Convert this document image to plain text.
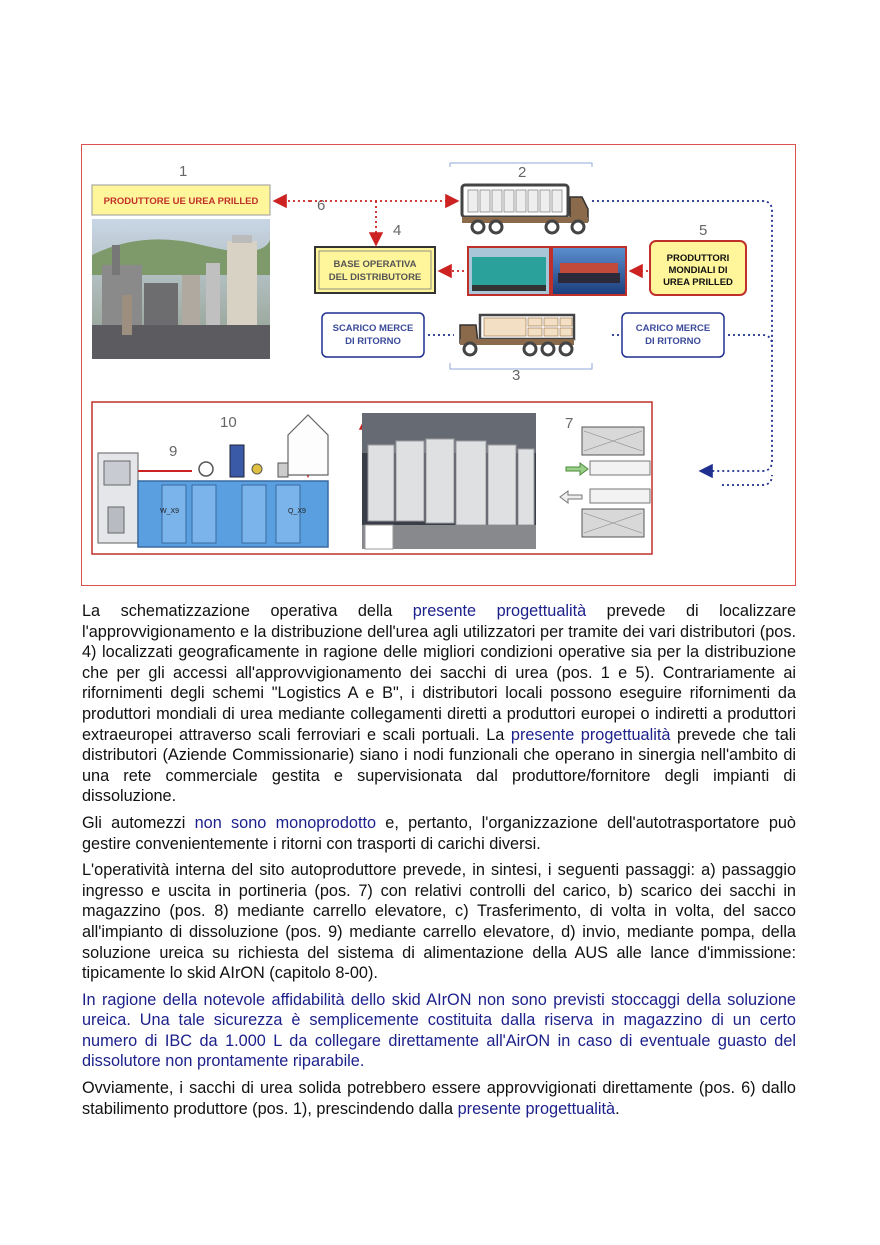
1	2
6
4	5
3
10	7
9
PRODUTTORE UE UREA PRILLED
BASE OPERATIVA
DEL DISTRIBUTORE
PRODUTTORI
MONDIALI DI
UREA PRILLED
SCARICO MERCE
DI RITORNO
CARICO MERCE
DI RITORNO
W_X9	Q_X9

La schematizzazione operativa della presente progettualità prevede di localizzare l'approvvigionamento e la distribuzione dell'urea agli utilizzatori per tramite dei vari distributori (pos. 4) localizzati geograficamente in ragione delle migliori condizioni operative sia per la distribuzione che per gli accessi all'approvvigionamento dei sacchi di urea (pos. 1 e 5). Contrariamente ai rifornimenti degli schemi "Logistics A e B", i distributori locali possono eseguire rifornimenti da produttori mondiali di urea mediante collegamenti diretti a produttori europei o indiretti a produttori extraeuropei attraverso scali ferroviari e scali portuali. La presente progettualità prevede che tali distributori (Aziende Commissionarie) siano i nodi funzionali che operano in sinergia nell'ambito di una rete commerciale gestita e supervisionata dal produttore/fornitore degli impianti di dissoluzione.

Gli automezzi non sono monoprodotto e, pertanto, l'organizzazione dell'autotrasportatore può gestire convenientemente i ritorni con trasporti di carichi diversi.

L'operatività interna del sito autoproduttore prevede, in sintesi, i seguenti passaggi: a) passaggio ingresso e uscita in portineria (pos. 7) con relativi controlli del carico, b) scarico dei sacchi in magazzino (pos. 8) mediante carrello elevatore, c) Trasferimento, di volta in volta, del sacco all'impianto di dissoluzione (pos. 9) mediante carrello elevatore, d) invio, mediante pompa, della soluzione ureica su richiesta del sistema di alimentazione della AUS alle lance d'immissione: tipicamente lo skid AIrON (capitolo 8-00).

In ragione della notevole affidabilità dello skid AIrON non sono previsti stoccaggi della soluzione ureica. Una tale sicurezza è semplicemente costituita dalla riserva in magazzino di un certo numero di IBC da 1.000 L da collegare direttamente all'AirON in caso di eventuale guasto del dissolutore non prontamente riparabile.

Ovviamente, i sacchi di urea solida potrebbero essere approvvigionati direttamente (pos. 6) dallo stabilimento produttore (pos. 1), prescindendo dalla presente progettualità.
